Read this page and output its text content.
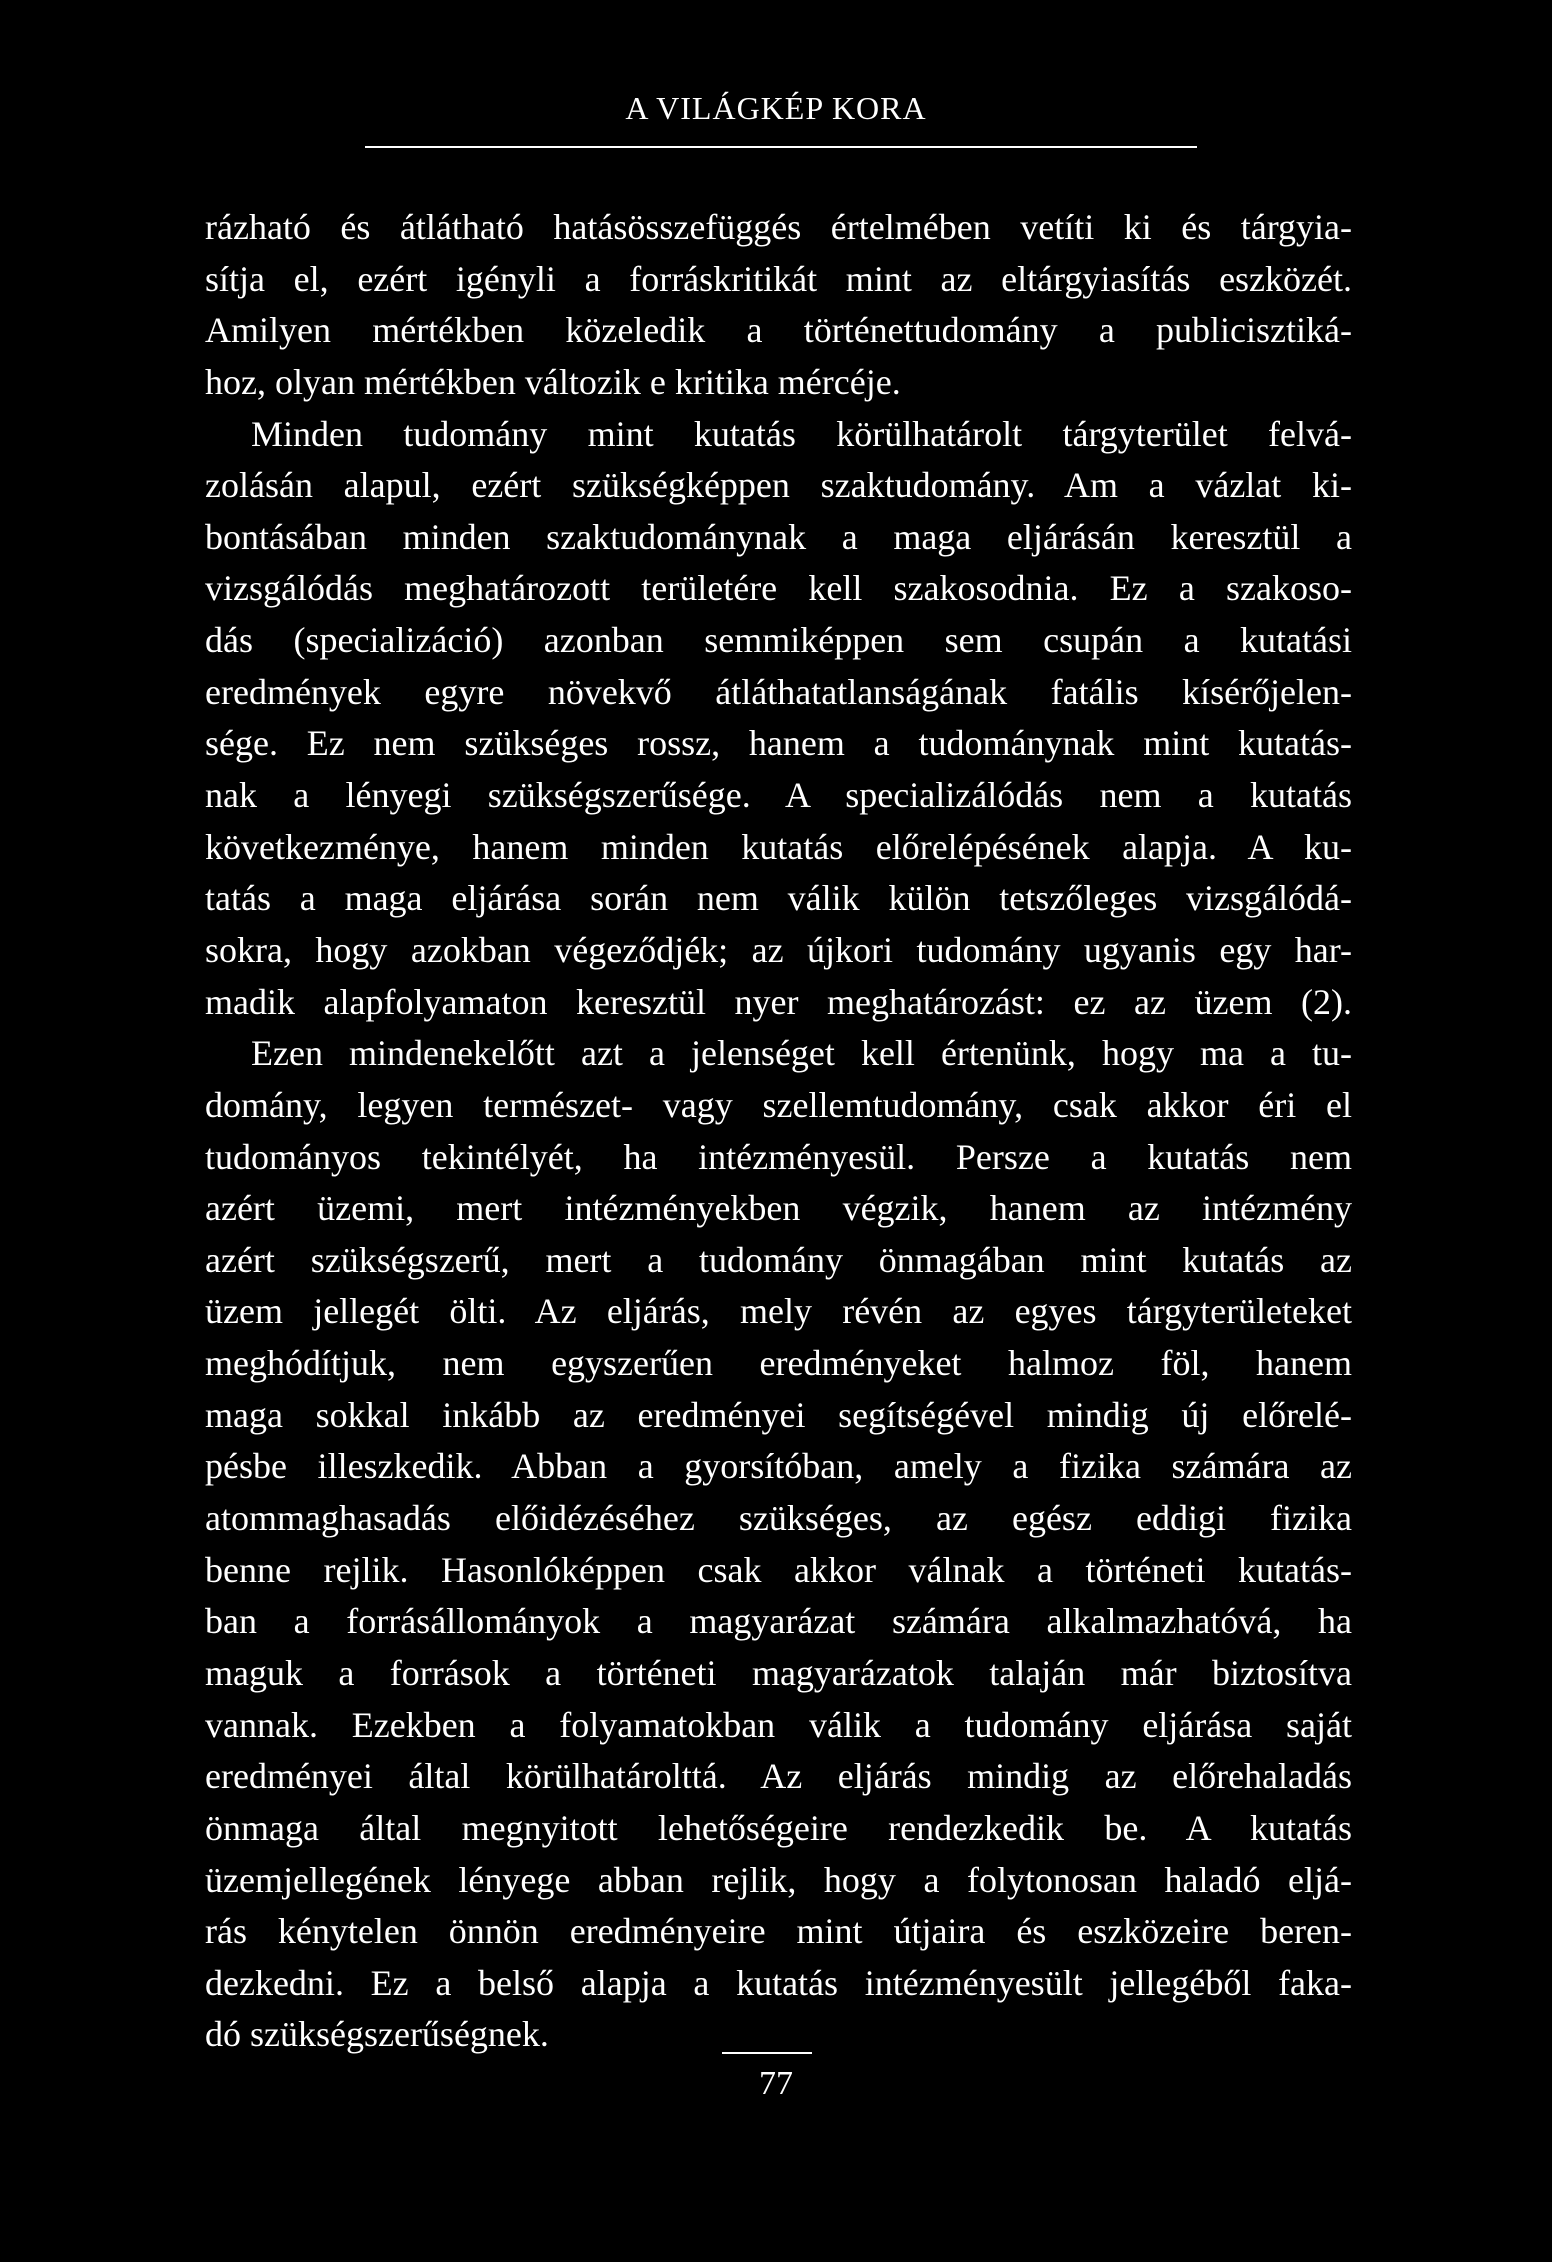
A VILÁGKÉP KORA
rázható és átlátható hatásösszefüggés értelmében vetíti ki és tárgyia-
sítja el, ezért igényli a forráskritikát mint az eltárgyiasítás eszközét.
Amilyen mértékben közeledik a történettudomány a publicisztiká-
hoz, olyan mértékben változik e kritika mércéje.
Minden tudomány mint kutatás körülhatárolt tárgyterület felvá-
zolásán alapul, ezért szükségképpen szaktudomány. Am a vázlat ki-
bontásában minden szaktudománynak a maga eljárásán keresztül a
vizsgálódás meghatározott területére kell szakosodnia. Ez a szakoso-
dás (specializáció) azonban semmiképpen sem csupán a kutatási
eredmények egyre növekvő átláthatatlanságának fatális kísérőjelen-
sége. Ez nem szükséges rossz, hanem a tudománynak mint kutatás-
nak a lényegi szükségszerűsége. A specializálódás nem a kutatás
következménye, hanem minden kutatás előrelépésének alapja. A ku-
tatás a maga eljárása során nem válik külön tetszőleges vizsgálódá-
sokra, hogy azokban végeződjék; az újkori tudomány ugyanis egy har-
madik alapfolyamaton keresztül nyer meghatározást: ez az üzem (2).
Ezen mindenekelőtt azt a jelenséget kell értenünk, hogy ma a tu-
domány, legyen természet- vagy szellemtudomány, csak akkor éri el
tudományos tekintélyét, ha intézményesül. Persze a kutatás nem
azért üzemi, mert intézményekben végzik, hanem az intézmény
azért szükségszerű, mert a tudomány önmagában mint kutatás az
üzem jellegét ölti. Az eljárás, mely révén az egyes tárgyterületeket
meghódítjuk, nem egyszerűen eredményeket halmoz föl, hanem
maga sokkal inkább az eredményei segítségével mindig új előrelé-
pésbe illeszkedik. Abban a gyorsítóban, amely a fizika számára az
atommaghasadás előidézéséhez szükséges, az egész eddigi fizika
benne rejlik. Hasonlóképpen csak akkor válnak a történeti kutatás-
ban a forrásállományok a magyarázat számára alkalmazhatóvá, ha
maguk a források a történeti magyarázatok talaján már biztosítva
vannak. Ezekben a folyamatokban válik a tudomány eljárása saját
eredményei által körülhatárolttá. Az eljárás mindig az előrehaladás
önmaga által megnyitott lehetőségeire rendezkedik be. A kutatás
üzemjellegének lényege abban rejlik, hogy a folytonosan haladó eljá-
rás kénytelen önnön eredményeire mint útjaira és eszközeire beren-
dezkedni. Ez a belső alapja a kutatás intézményesült jellegéből faka-
dó szükségszerűségnek.
77
